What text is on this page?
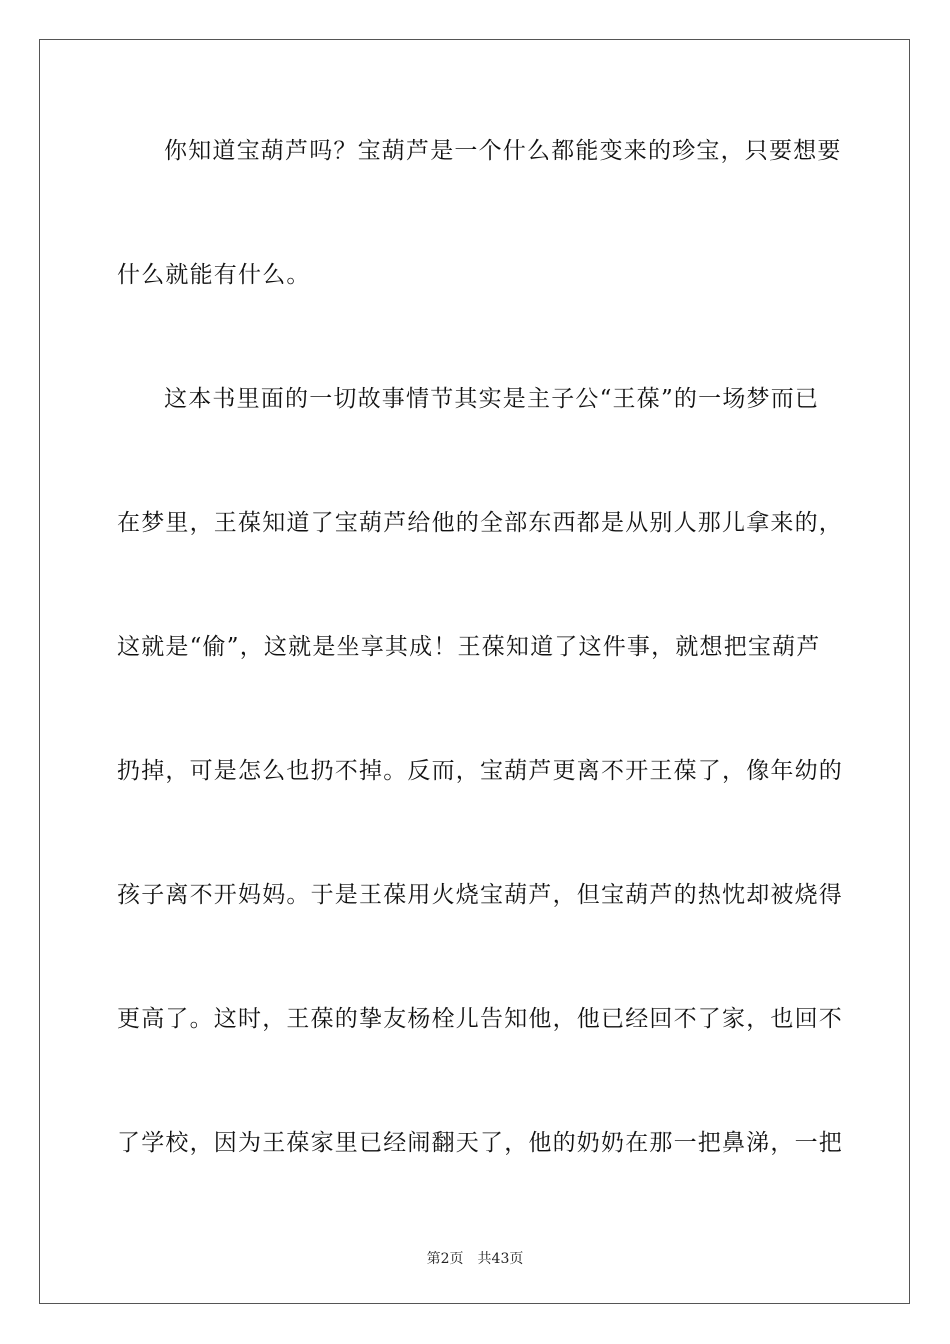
你知道宝葫芦吗？宝葫芦是一个什么都能变来的珍宝，只要想要
什么就能有什么。
这本书里面的一切故事情节其实是主子公“王葆”的一场梦而已
在梦里，王葆知道了宝葫芦给他的全部东西都是从别人那儿拿来的，
这就是“偷”，这就是坐享其成！王葆知道了这件事，就想把宝葫芦
扔掉，可是怎么也扔不掉。反而，宝葫芦更离不开王葆了，像年幼的
孩子离不开妈妈。于是王葆用火烧宝葫芦，但宝葫芦的热忱却被烧得
更高了。这时，王葆的挚友杨栓儿告知他，他已经回不了家，也回不
了学校，因为王葆家里已经闹翻天了，他的奶奶在那一把鼻涕，一把
第2页 共43页
